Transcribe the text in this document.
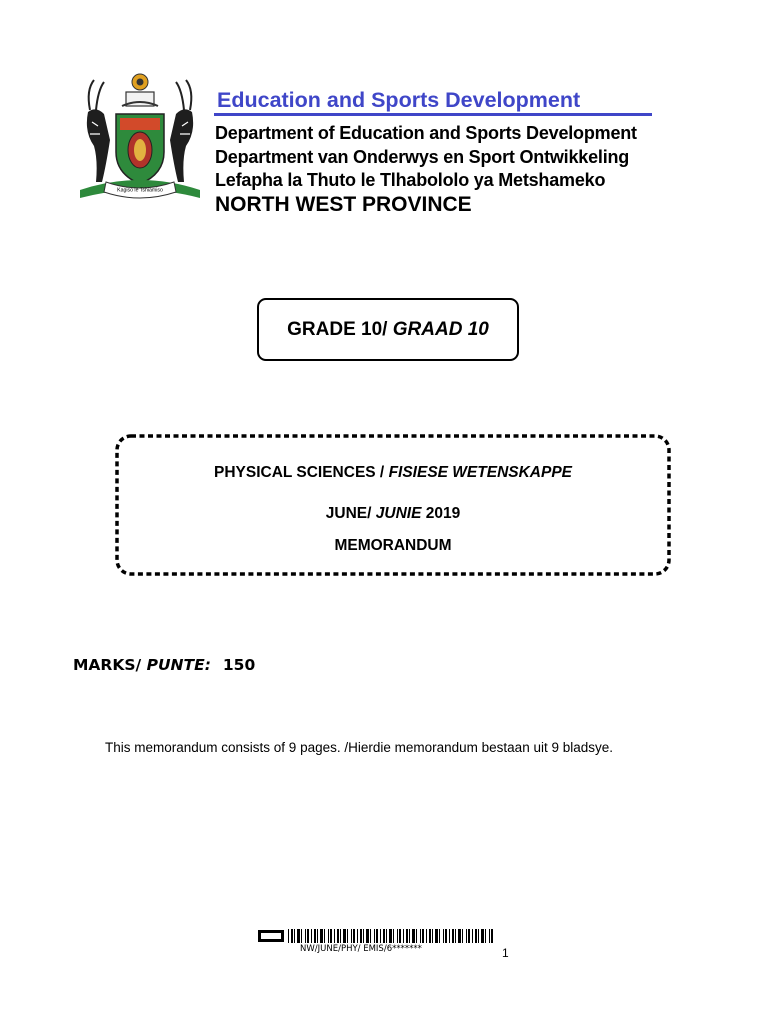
Kagiso le Tshiamiso
Education and Sports Development
Department of Education and Sports Development
Department van Onderwys en Sport Ontwikkeling
Lefapha la Thuto le Tlhabololo ya Metshameko
NORTH WEST PROVINCE
GRADE 10/
GRAAD 10
PHYSICAL SCIENCES / FISIESE WETENSKAPPE
JUNE/ JUNIE 2019
MEMORANDUM
MARKS/ PUNTE: 150
This memorandum consists of 9 pages. /Hierdie memorandum bestaan uit 9 bladsye.
NW/JUNE/PHY/ EMIS/6*******	1
